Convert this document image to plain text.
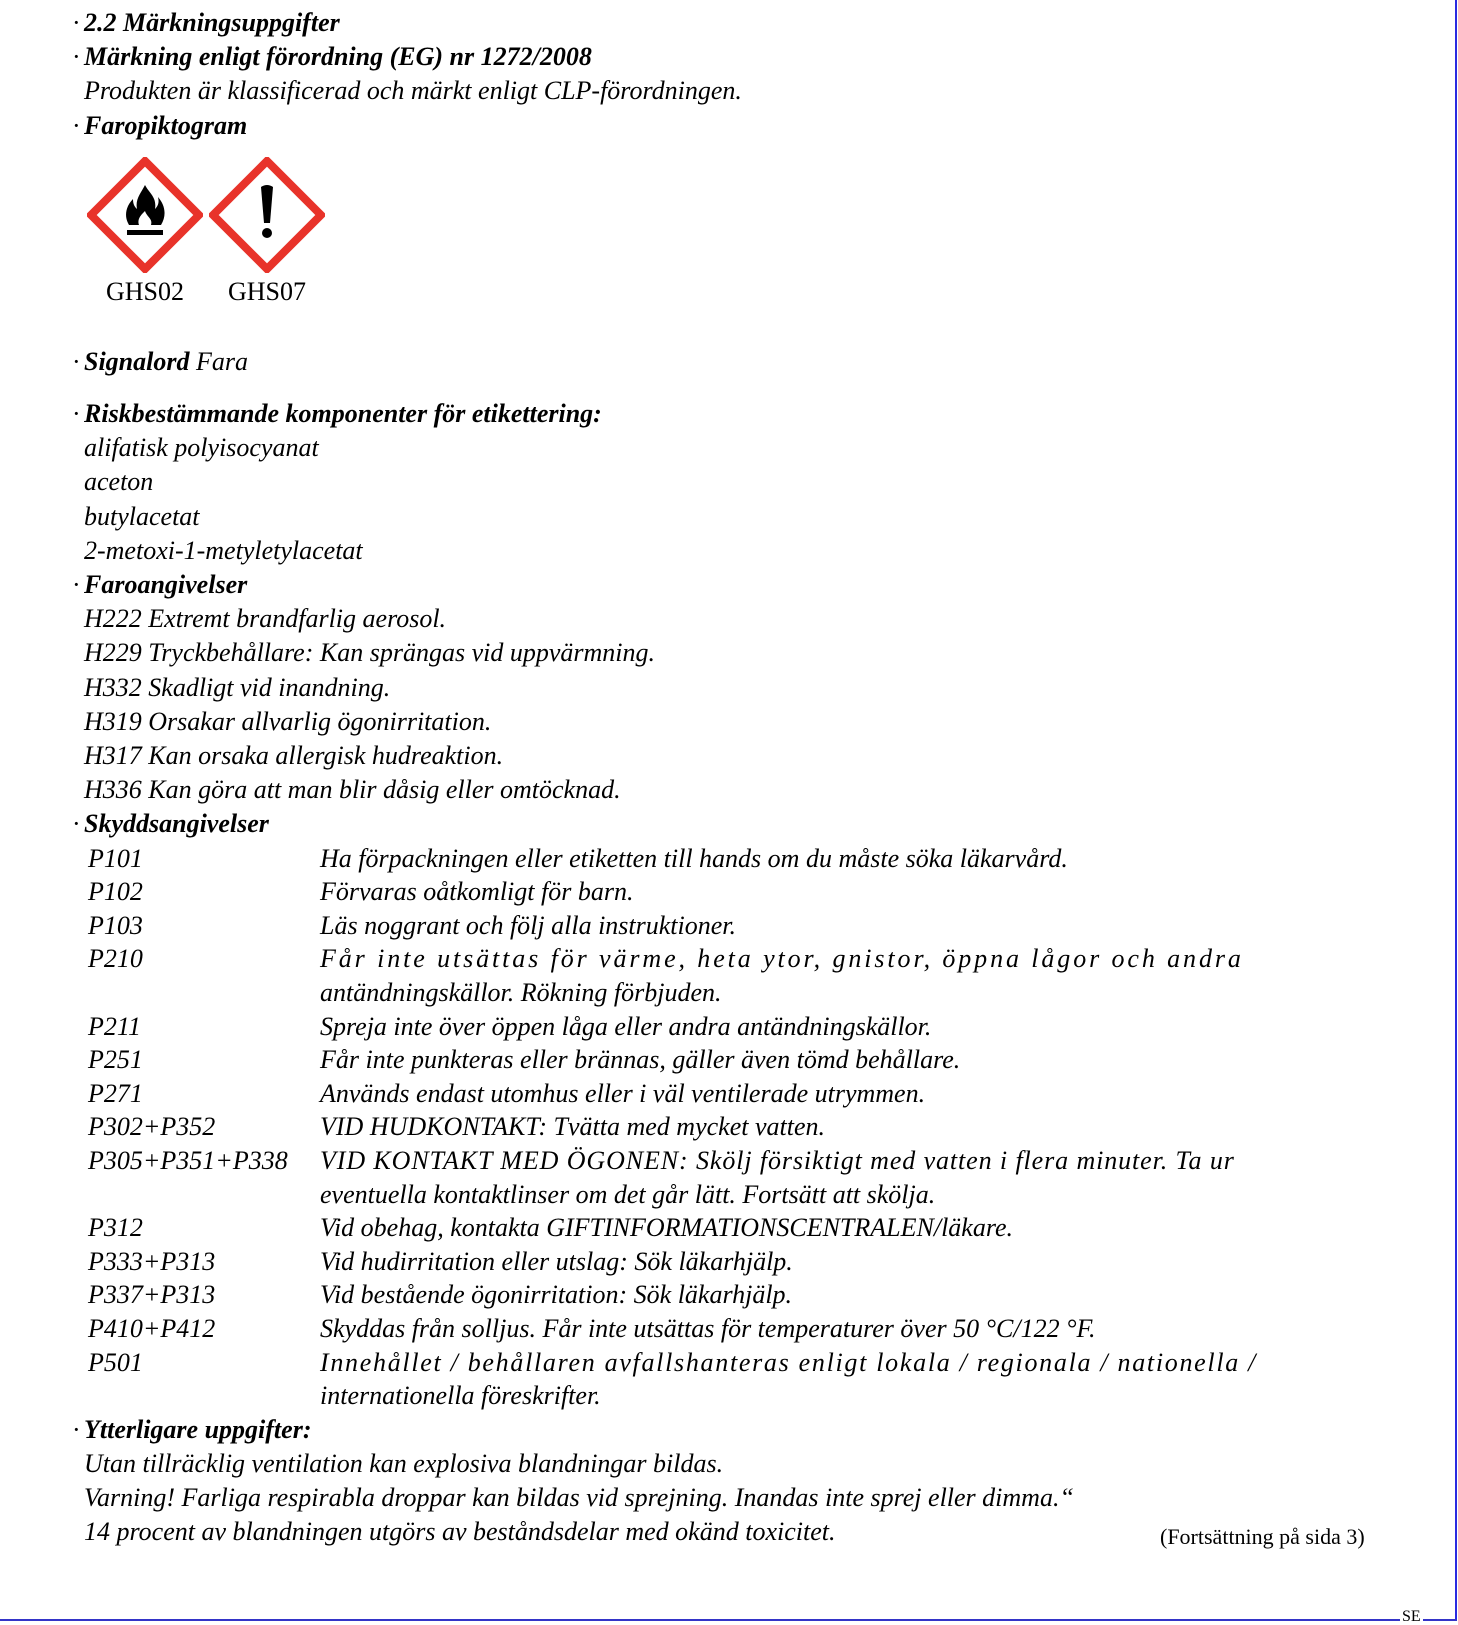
SE
· 2.2 Märkningsuppgifter
· Märkning enligt förordning (EG) nr 1272/2008
Produkten är klassificerad och märkt enligt CLP-förordningen.
· Faropiktogram
GHS02 GHS07
· Signalord Fara
· Riskbestämmande komponenter för etikettering:
alifatisk polyisocyanat
aceton
butylacetat
2-metoxi-1-metyletylacetat
· Faroangivelser
H222 Extremt brandfarlig aerosol.
H229 Tryckbehållare: Kan sprängas vid uppvärmning.
H332 Skadligt vid inandning.
H319 Orsakar allvarlig ögonirritation.
H317 Kan orsaka allergisk hudreaktion.
H336 Kan göra att man blir dåsig eller omtöcknad.
· Skyddsangivelser
P101	Ha förpackningen eller etiketten till hands om du måste söka läkarvård.
P102	Förvaras oåtkomligt för barn.
P103	Läs noggrant och följ alla instruktioner.
P210	Får inte utsättas för värme, heta ytor, gnistor, öppna lågor och andra
antändningskällor. Rökning förbjuden.
P211	Spreja inte över öppen låga eller andra antändningskällor.
P251	Får inte punkteras eller brännas, gäller även tömd behållare.
P271	Används endast utomhus eller i väl ventilerade utrymmen.
P302+P352	VID HUDKONTAKT: Tvätta med mycket vatten.
P305+P351+P338	VID KONTAKT MED ÖGONEN: Skölj försiktigt med vatten i flera minuter. Ta ur
eventuella kontaktlinser om det går lätt. Fortsätt att skölja.
P312	Vid obehag, kontakta GIFTINFORMATIONSCENTRALEN/läkare.
P333+P313	Vid hudirritation eller utslag: Sök läkarhjälp.
P337+P313	Vid bestående ögonirritation: Sök läkarhjälp.
P410+P412	Skyddas från solljus. Får inte utsättas för temperaturer över 50 °C/122 °F.
P501	Innehållet / behållaren avfallshanteras enligt lokala / regionala / nationella /
internationella föreskrifter.
· Ytterligare uppgifter:
Utan tillräcklig ventilation kan explosiva blandningar bildas.
Varning! Farliga respirabla droppar kan bildas vid sprejning. Inandas inte sprej eller dimma.“
14 procent av blandningen utgörs av beståndsdelar med okänd toxicitet.	(Fortsättning på sida 3)
